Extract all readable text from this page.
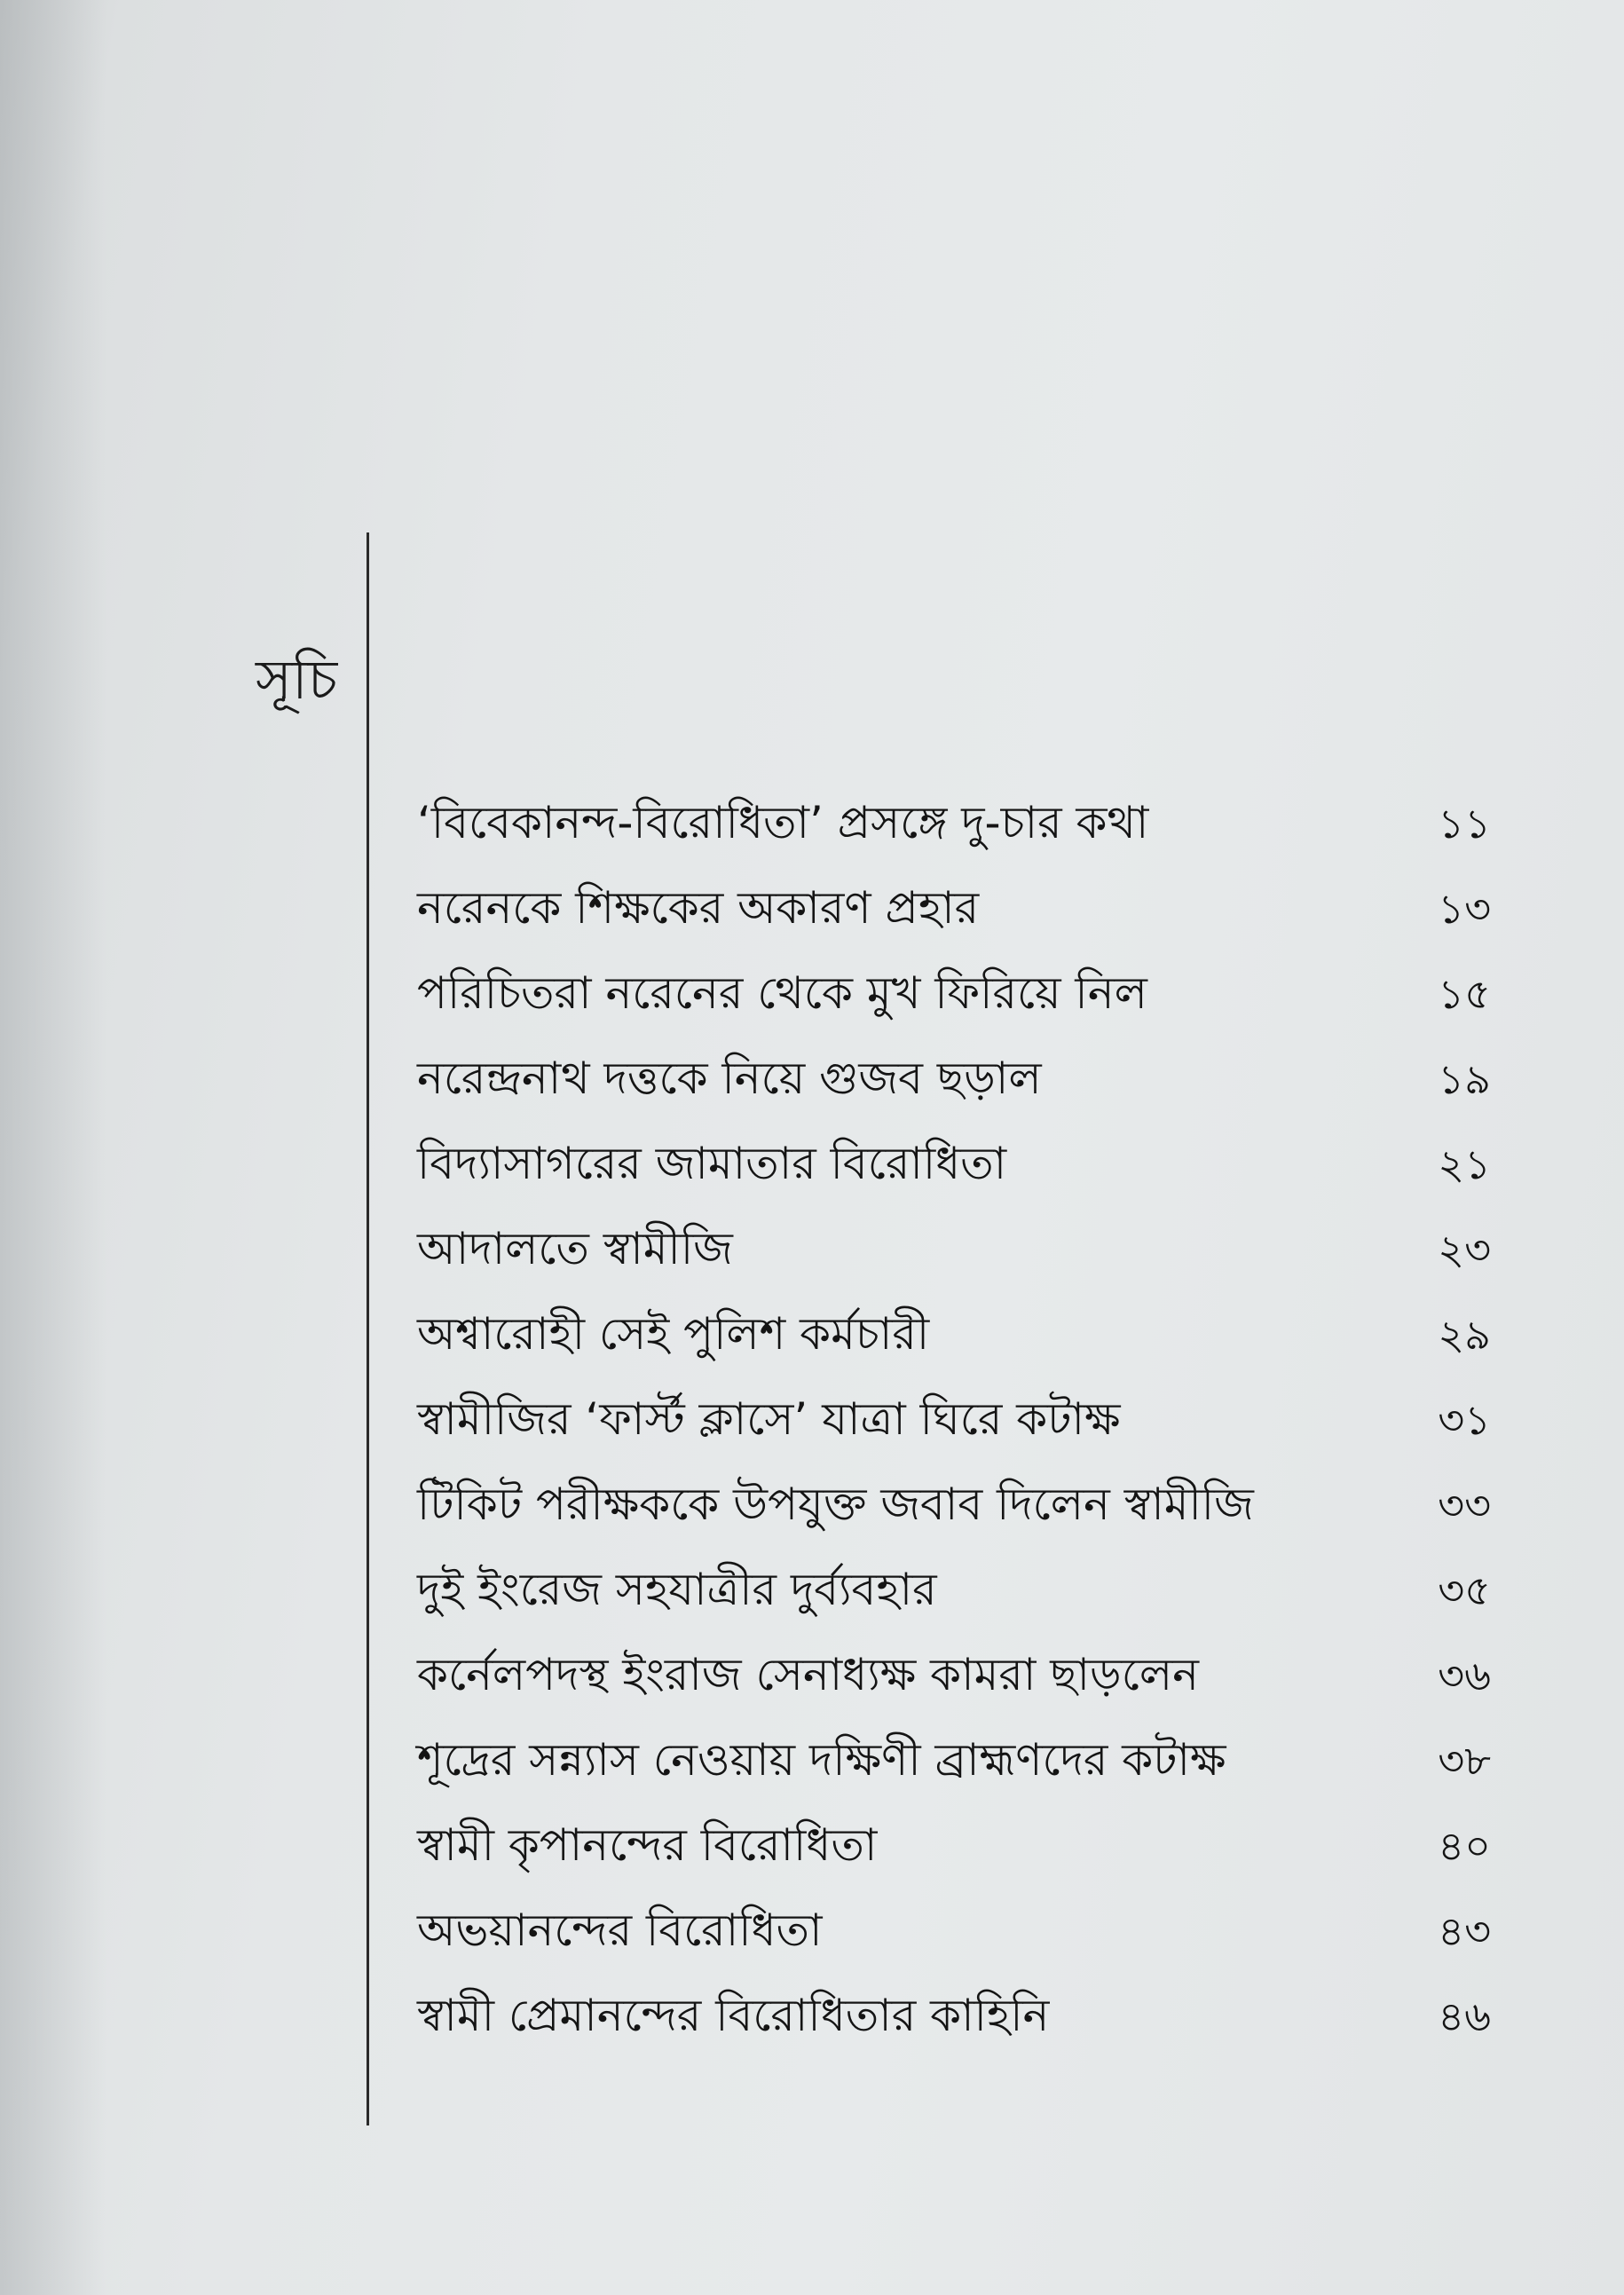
সূচি
‘বিবেকানন্দ-বিরোধিতা’ প্রসঙ্গে দু-চার কথা	১১
নরেনকে শিক্ষকের অকারণ প্রহার	১৩
পরিচিতরা নরেনের থেকে মুখ ফিরিয়ে নিল	১৫
নরেন্দ্রনাথ দত্তকে নিয়ে গুজব ছড়াল	১৯
বিদ্যাসাগরের জামাতার বিরোধিতা	২১
আদালতে স্বামীজি	২৩
অশ্বারোহী সেই পুলিশ কর্মচারী	২৯
স্বামীজির ‘ফার্স্ট ক্লাসে’ যাত্রা ঘিরে কটাক্ষ	৩১
টিকিট পরীক্ষককে উপযুক্ত জবাব দিলেন স্বামীজি	৩৩
দুই ইংরেজ সহযাত্রীর দুর্ব্যবহার	৩৫
কর্নেলপদস্থ ইংরাজ সেনাধ্যক্ষ কামরা ছাড়লেন	৩৬
শূদ্রের সন্ন্যাস নেওয়ায় দক্ষিণী ব্রাহ্মণদের কটাক্ষ	৩৮
স্বামী কৃপানন্দের বিরোধিতা	৪০
অভয়ানন্দের বিরোধিতা	৪৩
স্বামী প্রেমানন্দের বিরোধিতার কাহিনি	৪৬
